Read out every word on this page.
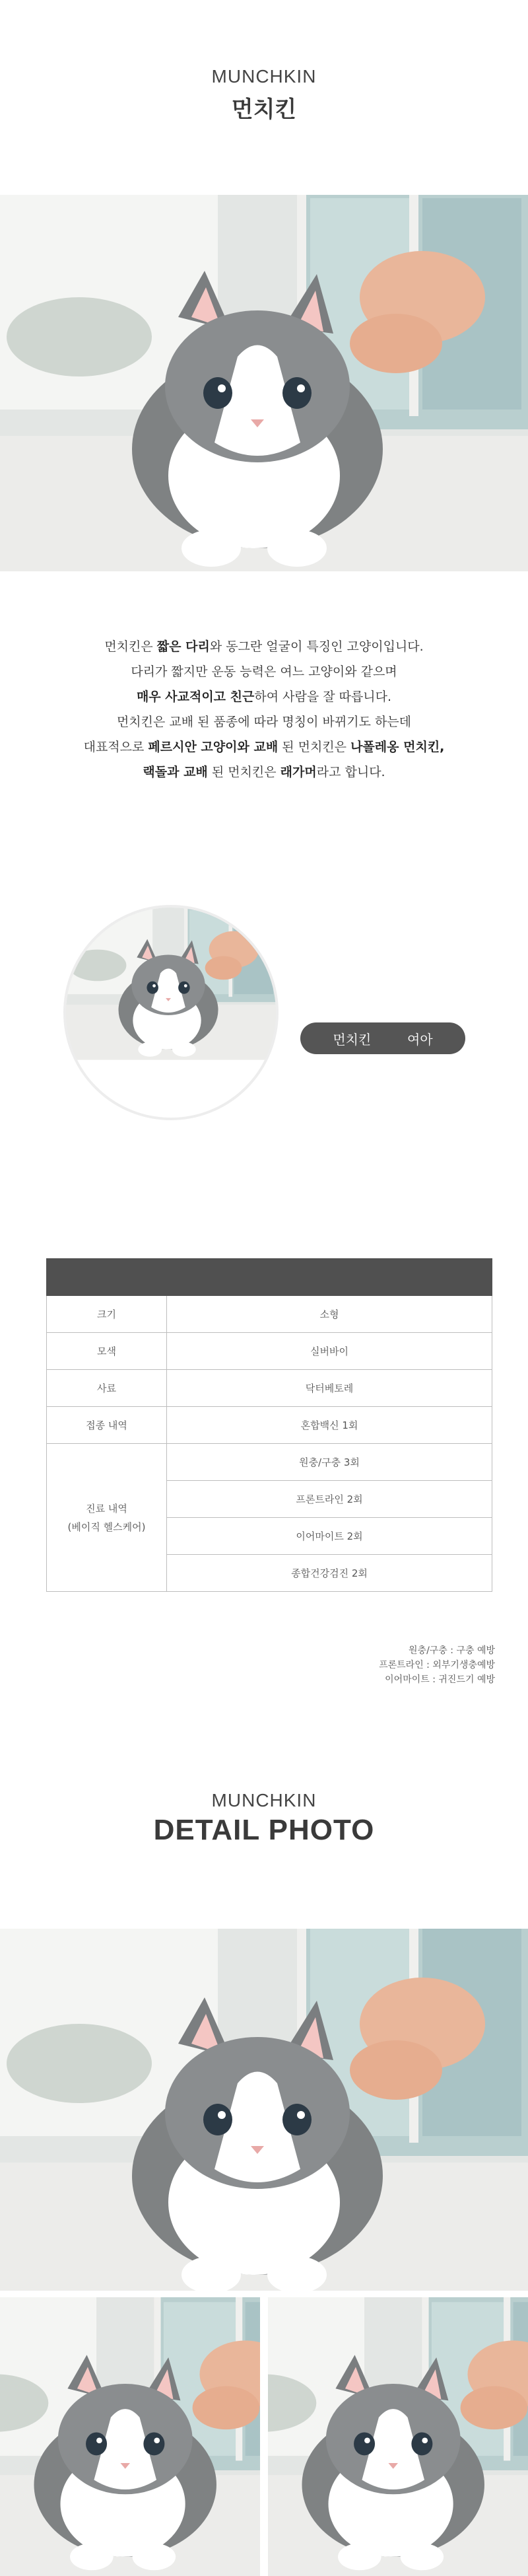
MUNCHKIN
먼치킨
먼치킨은 짧은 다리와 동그란 얼굴이 특징인 고양이입니다.
다리가 짧지만 운동 능력은 여느 고양이와 같으며
매우 사교적이고 친근하여 사람을 잘 따릅니다.
먼치킨은 교배 된 품종에 따라 명칭이 바뀌기도 하는데
대표적으로 페르시안 고양이와 교배 된 먼치킨은 나폴레옹 먼치킨,
랙돌과 교배 된 먼치킨은 래가머라고 합니다.
먼치킨	여아

크기	소형
모색	실버바이
사료	닥터베토레
접종 내역	혼합백신 1회

진료 내역
(베이직 헬스케어)	원충/구충 3회
	프론트라인 2회
	이어마이트 2회
	종합건강검진 2회
원충/구충 : 구충 예방
프론트라인 : 외부기생충예방
이어마이트 : 귀진드기 예방
MUNCHKIN
DETAIL PHOTO
